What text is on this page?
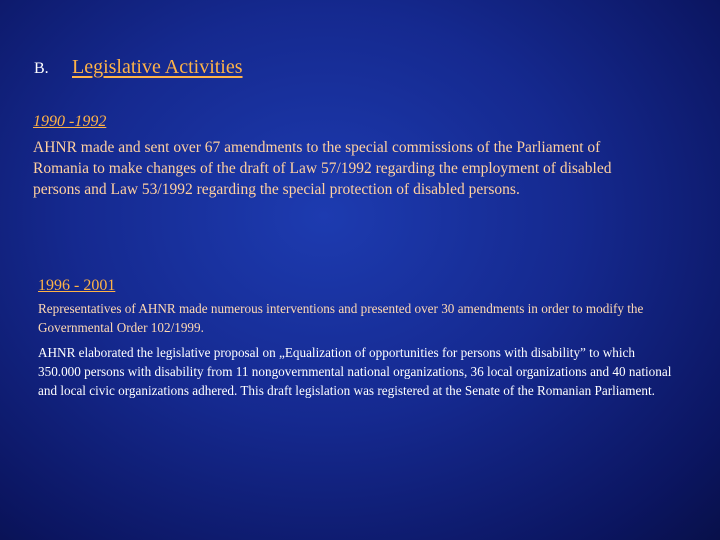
B. Legislative Activities
1990 -1992
AHNR made and sent over 67 amendments to the special commissions of the Parliament of Romania to make changes of the draft of Law 57/1992 regarding the employment of disabled persons and Law 53/1992 regarding the special protection of disabled persons.
1996 - 2001
Representatives of AHNR made numerous interventions and presented over 30 amendments in order to modify the Governmental Order 102/1999.
AHNR elaborated the legislative proposal on „Equalization of opportunities for persons with disability” to which 350.000 persons with disability from 11 nongovernmental national organizations, 36 local organizations and 40 national and local civic organizations adhered. This draft legislation was registered at the Senate of the Romanian Parliament.
